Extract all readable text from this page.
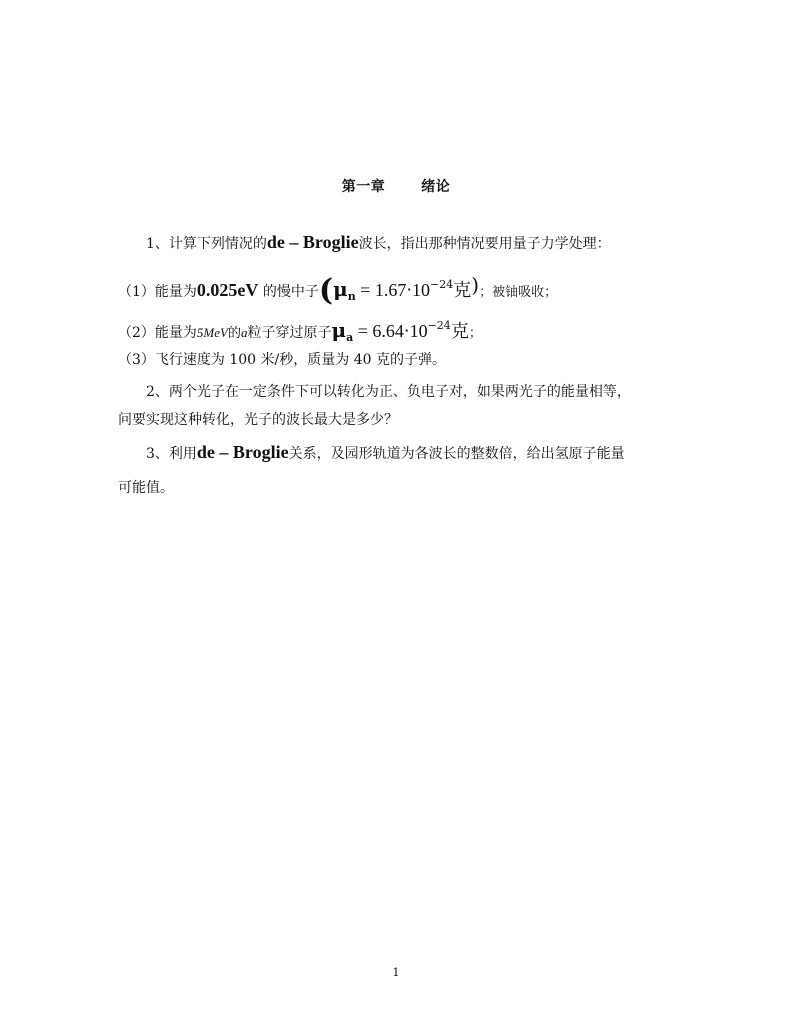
第一章	绪论
1、计算下列情况的de – Broglie波长，指出那种情况要用量子力学处理：
（1）能量为0.025eV 的慢中子($\mu_n = 1.67\cdot 10^{-24}$克)；被铀吸收；
（2）能量为5MeV的a粒子穿过原子$\mu_a = 6.64\cdot 10^{-24}$克；
（3）飞行速度为 100 米/秒，质量为 40 克的子弹。
2、两个光子在一定条件下可以转化为正、负电子对，如果两光子的能量相等，
问要实现这种转化，光子的波长最大是多少？
3、利用de – Broglie关系，及园形轨道为各波长的整数倍，给出氢原子能量
可能值。
1
